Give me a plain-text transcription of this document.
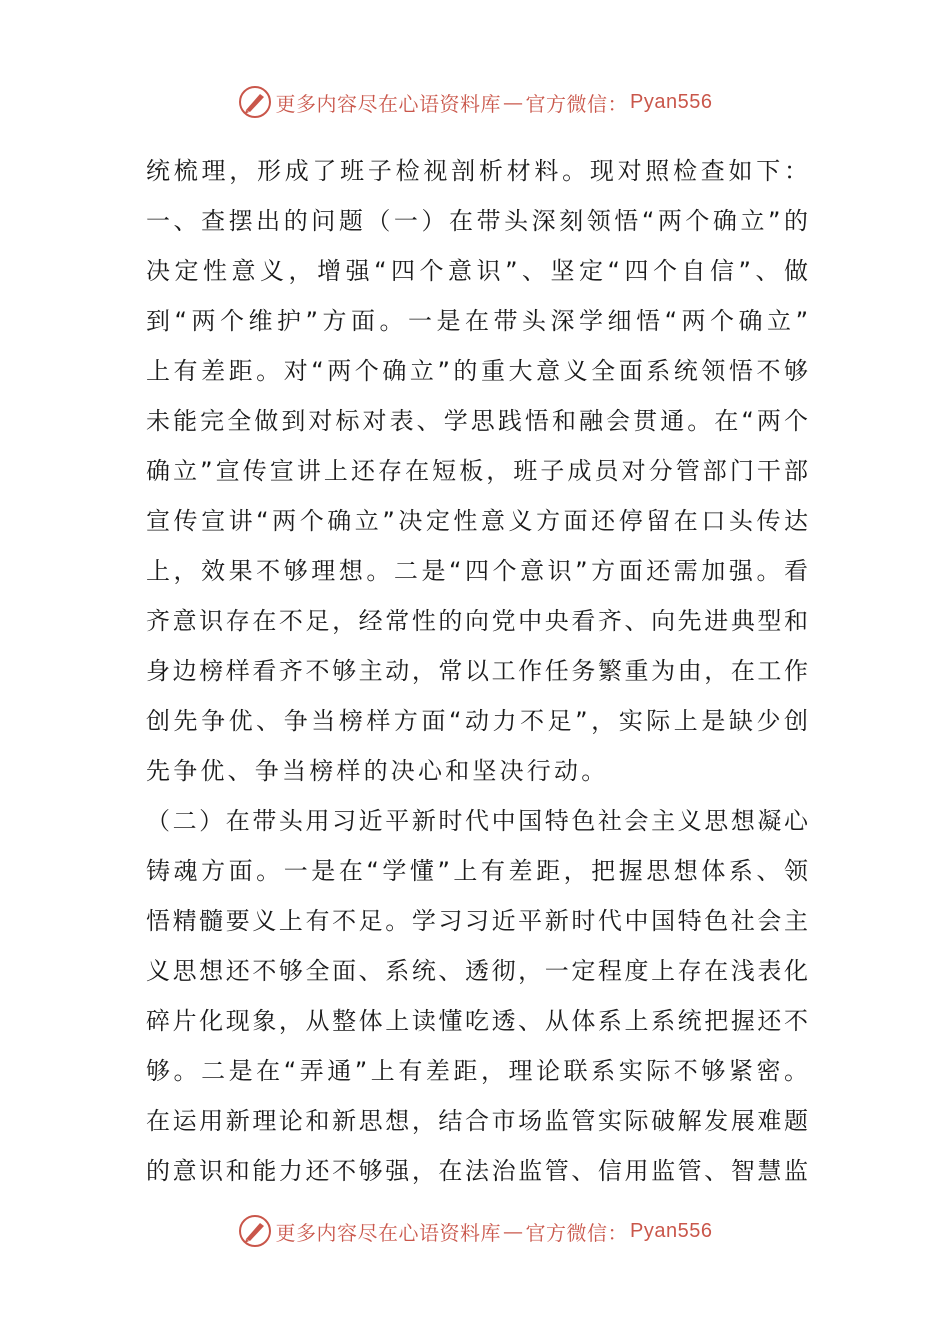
更多内容尽在心语资料库 — 官方微信： Pyan556
统梳理，形成了班子检视剖析材料。现对照检查如下：
一、查摆出的问题（一）在带头深刻领悟“两个确立”的
决定性意义，增强“四个意识”、坚定“四个自信”、做
到“两个维护”方面。一是在带头深学细悟“两个确立”
上有差距。对“两个确立”的重大意义全面系统领悟不够
未能完全做到对标对表、学思践悟和融会贯通。在“两个
确立”宣传宣讲上还存在短板，班子成员对分管部门干部
宣传宣讲“两个确立”决定性意义方面还停留在口头传达
上，效果不够理想。二是“四个意识”方面还需加强。看
齐意识存在不足，经常性的向党中央看齐、向先进典型和
身边榜样看齐不够主动，常以工作任务繁重为由，在工作
创先争优、争当榜样方面“动力不足”，实际上是缺少创
先争优、争当榜样的决心和坚决行动。
（二）在带头用习近平新时代中国特色社会主义思想凝心
铸魂方面。一是在“学懂”上有差距，把握思想体系、领
悟精髓要义上有不足。学习习近平新时代中国特色社会主
义思想还不够全面、系统、透彻，一定程度上存在浅表化
碎片化现象，从整体上读懂吃透、从体系上系统把握还不
够。二是在“弄通”上有差距，理论联系实际不够紧密。
在运用新理论和新思想，结合市场监管实际破解发展难题
的意识和能力还不够强，在法治监管、信用监管、智慧监
更多内容尽在心语资料库 — 官方微信： Pyan556
